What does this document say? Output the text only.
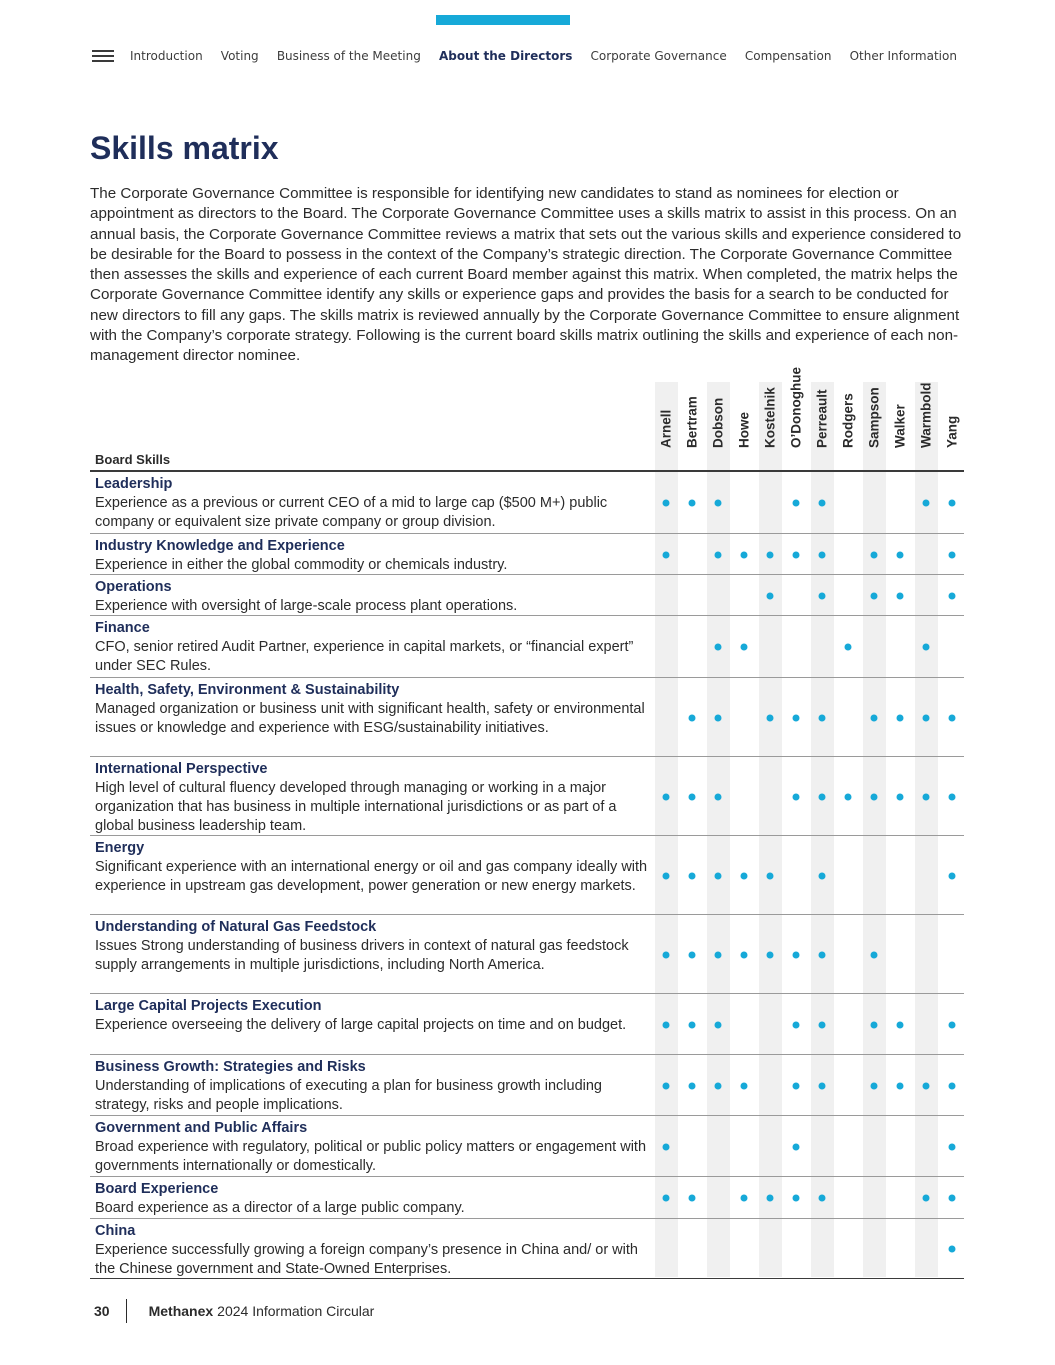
Introduction Voting Business of the Meeting About the Directors Corporate Governance Compensation Other Information
Skills matrix

The Corporate Governance Committee is responsible for identifying new candidates to stand as nominees for election or appointment as directors to the Board. The Corporate Governance Committee uses a skills matrix to assist in this process. On an annual basis, the Corporate Governance Committee reviews a matrix that sets out the various skills and experience considered to be desirable for the Board to possess in the context of the Company’s strategic direction. The Corporate Governance Committee then assesses the skills and experience of each current Board member against this matrix. When completed, the matrix helps the Corporate Governance Committee identify any skills or experience gaps and provides the basis for a search to be conducted for new directors to fill any gaps. The skills matrix is reviewed annually by the Corporate Governance Committee to ensure alignment with the Company’s corporate strategy. Following is the current board skills matrix outlining the skills and experience of each non-management director nominee.

Board Skills
Arnell Bertram Dobson Howe Kostelnik O’Donoghue Perreault Rodgers Sampson Walker Warmbold Yang
Leadership
Experience as a previous or current CEO of a mid to large cap ($500 M+) public company or equivalent size private company or group division.
Industry Knowledge and Experience
Experience in either the global commodity or chemicals industry.
Operations
Experience with oversight of large-scale process plant operations.
Finance
CFO, senior retired Audit Partner, experience in capital markets, or “financial expert” under SEC Rules.
Health, Safety, Environment & Sustainability
Managed organization or business unit with significant health, safety or environmental issues or knowledge and experience with ESG/sustainability initiatives.
International Perspective
High level of cultural fluency developed through managing or working in a major organization that has business in multiple international jurisdictions or as part of a global business leadership team.
Energy
Significant experience with an international energy or oil and gas company ideally with experience in upstream gas development, power generation or new energy markets.
Understanding of Natural Gas Feedstock
Issues Strong understanding of business drivers in context of natural gas feedstock supply arrangements in multiple jurisdictions, including North America.
Large Capital Projects Execution
Experience overseeing the delivery of large capital projects on time and on budget.
Business Growth: Strategies and Risks
Understanding of implications of executing a plan for business growth including strategy, risks and people implications.
Government and Public Affairs
Broad experience with regulatory, political or public policy matters or engagement with governments internationally or domestically.
Board Experience
Board experience as a director of a large public company.
China
Experience successfully growing a foreign company’s presence in China and/ or with the Chinese government and State-Owned Enterprises.
30	Methanex 2024 Information Circular
